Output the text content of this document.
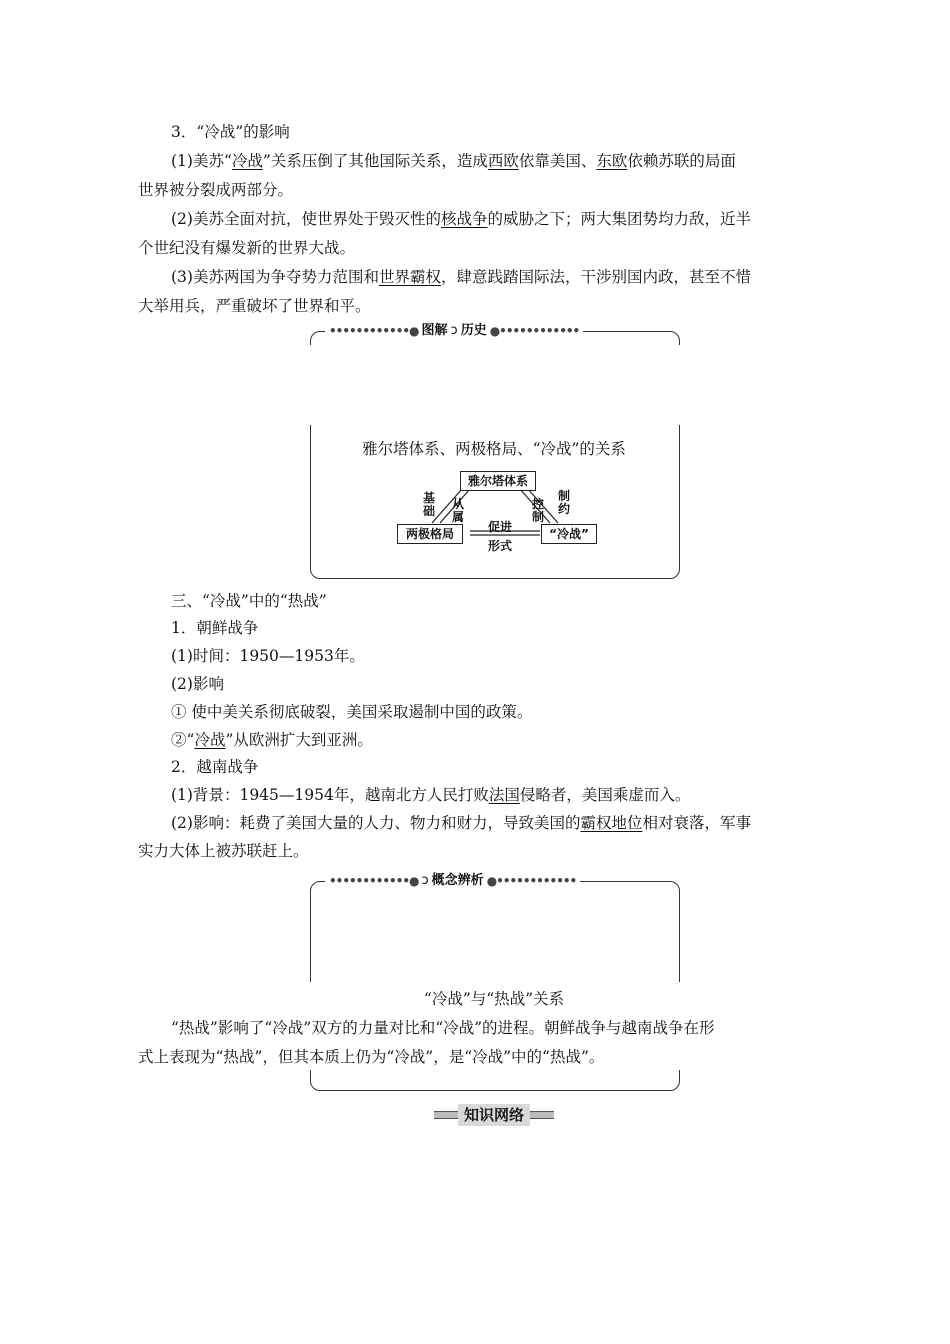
3．“冷战”的影响
(1)美苏“冷战”关系压倒了其他国际关系，造成西欧依靠美国、东欧依赖苏联的局面
世界被分裂成两部分。
(2)美苏全面对抗，使世界处于毁灭性的核战争的威胁之下；两大集团势均力敌，近半
个世纪没有爆发新的世界大战。
(3)美苏两国为争夺势力范围和世界霸权，肆意践踏国际法，干涉别国内政，甚至不惜
大举用兵，严重破坏了世界和平。
••••••••••••● 图解 ↄ 历史 ●••••••••••••
雅尔塔体系、两极格局、“冷战”的关系
雅尔塔体系
两极格局	“冷战”
基础 从属
控制
制约
促进
形式
三、“冷战”中的“热战”
1．朝鲜战争
(1)时间：1950—1953年。
(2)影响
① 使中美关系彻底破裂，美国采取遏制中国的政策。
②“冷战”从欧洲扩大到亚洲。
2．越南战争
(1)背景：1945—1954年，越南北方人民打败法国侵略者，美国乘虚而入。
(2)影响：耗费了美国大量的人力、物力和财力，导致美国的霸权地位相对衰落，军事
实力大体上被苏联赶上。
••••••••••••● ↄ 概念辨析 ●••••••••••••
“冷战”与“热战”关系
“热战”影响了“冷战”双方的力量对比和“冷战”的进程。朝鲜战争与越南战争在形
式上表现为“热战”，但其本质上仍为“冷战”，是“冷战”中的“热战”。
知识网络
